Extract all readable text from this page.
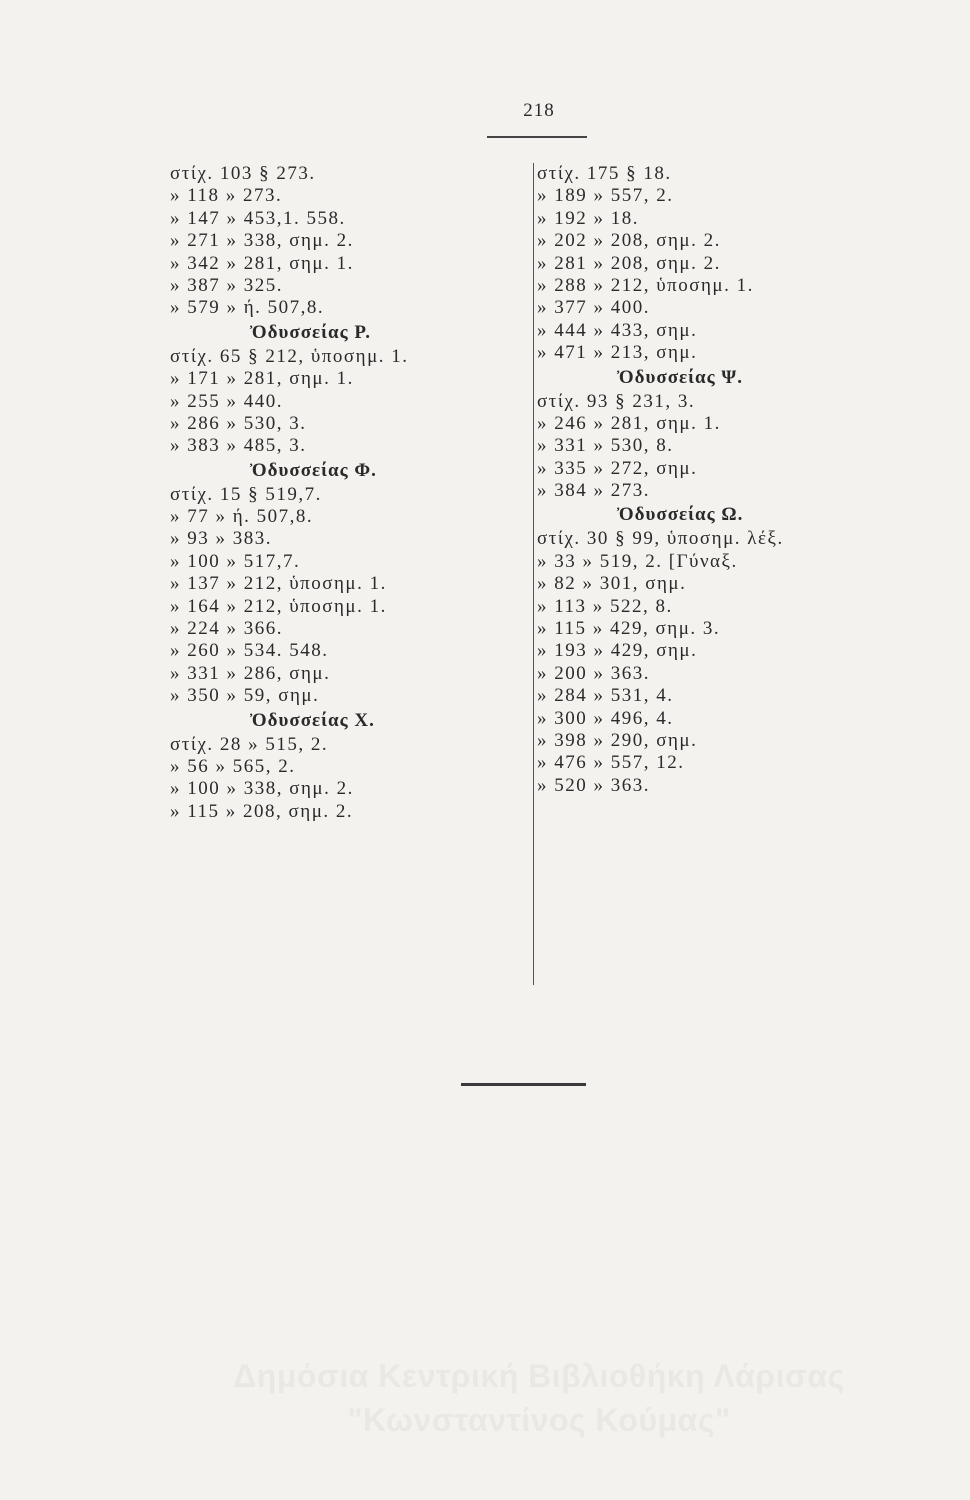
218
στίχ. 103 § 273.
» 118 » 273.
» 147 » 453,1. 558.
» 271 » 338, σημ. 2.
» 342 » 281, σημ. 1.
» 387 » 325.
» 579 » ή. 507,8.
Ὀδυσσείας Ρ.
στίχ. 65 § 212, ὑποσημ. 1.
» 171 » 281, σημ. 1.
» 255 » 440.
» 286 » 530, 3.
» 383 » 485, 3.
Ὀδυσσείας Φ.
στίχ. 15 § 519,7.
» 77 » ή. 507,8.
» 93 » 383.
» 100 » 517,7.
» 137 » 212, ὑποσημ. 1.
» 164 » 212, ὑποσημ. 1.
» 224 » 366.
» 260 » 534. 548.
» 331 » 286, σημ.
» 350 » 59, σημ.
Ὀδυσσείας Χ.
στίχ. 28 » 515, 2.
» 56 » 565, 2.
» 100 » 338, σημ. 2.
» 115 » 208, σημ. 2.
στίχ. 175 § 18.
» 189 » 557, 2.
» 192 » 18.
» 202 » 208, σημ. 2.
» 281 » 208, σημ. 2.
» 288 » 212, ὑποσημ. 1.
» 377 » 400.
» 444 » 433, σημ.
» 471 » 213, σημ.
Ὀδυσσείας Ψ.
στίχ. 93 § 231, 3.
» 246 » 281, σημ. 1.
» 331 » 530, 8.
» 335 » 272, σημ.
» 384 » 273.
Ὀδυσσείας Ω.
στίχ. 30 § 99, ὑποσημ. λέξ.
» 33 » 519, 2. [Γύναξ.
» 82 » 301, σημ.
» 113 » 522, 8.
» 115 » 429, σημ. 3.
» 193 » 429, σημ.
» 200 » 363.
» 284 » 531, 4.
» 300 » 496, 4.
» 398 » 290, σημ.
» 476 » 557, 12.
» 520 » 363.
Δημόσια Κεντρική Βιβλιοθήκη Λάρισας
"Κωνσταντίνος Κούμας"
